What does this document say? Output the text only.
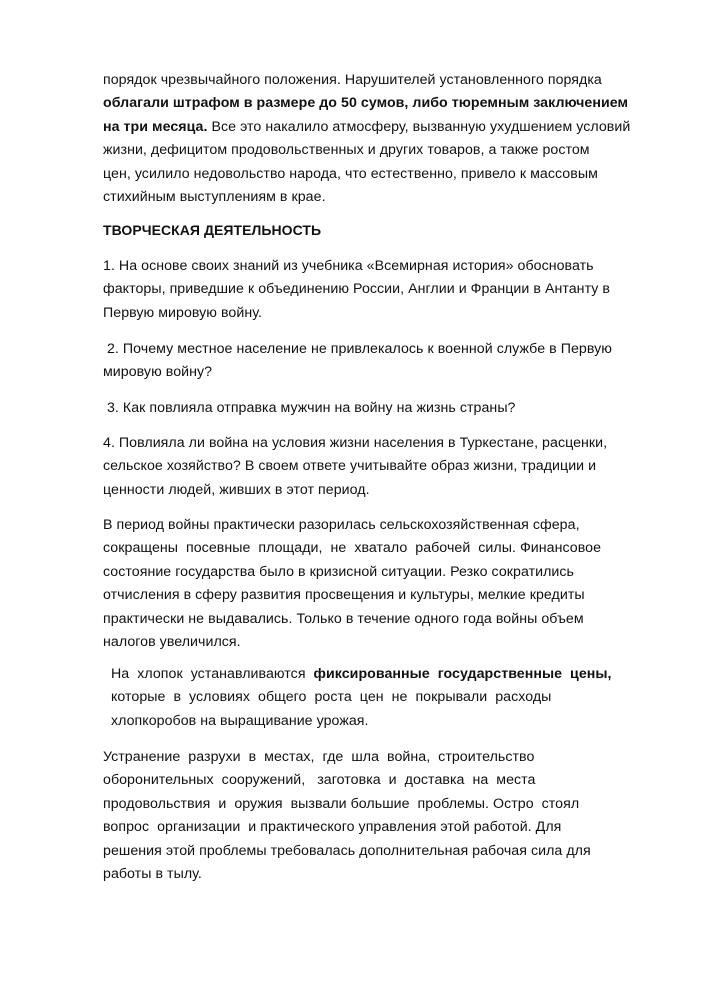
порядок чрезвычайного положения. Нарушителей установленного порядка
облагали штрафом в размере до 50 сумов, либо тюремным заключением
на три месяца. Все это накалило атмосферу, вызванную ухудшением условий
жизни, дефицитом продовольственных и других товаров, а также ростом
цен, усилило недовольство народа, что естественно, привело к массовым
стихийным выступлениям в крае.

ТВОРЧЕСКАЯ ДЕЯТЕЛЬНОСТЬ

1. На основе своих знаний из учебника «Всемирная история» обосновать
факторы, приведшие к объединению России, Англии и Франции в Антанту в
Первую мировую войну.

2. Почему местное население не привлекалось к военной службе в Первую
мировую войну?

3. Как повлияла отправка мужчин на войну на жизнь страны?

4. Повлияла ли война на условия жизни населения в Туркестане, расценки,
сельское хозяйство? В своем ответе учитывайте образ жизни, традиции и
ценности людей, живших в этот период.

В период войны практически разорилась сельскохозяйственная сфера,
сокращены  посевные  площади,  не  хватало  рабочей  силы. Финансовое
состояние государства было в кризисной ситуации. Резко сократились
отчисления в сферу развития просвещения и культуры, мелкие кредиты
практически не выдавались. Только в течение одного года войны объем
налогов увеличился.

На  хлопок  устанавливаются  фиксированные  государственные  цены,
которые  в  условиях  общего  роста  цен  не  покрывали  расходы
хлопкоробов на выращивание урожая.

Устранение  разрухи  в  местах,  где  шла  война,  строительство
оборонительных  сооружений,   заготовка  и  доставка  на  места
продовольствия  и  оружия  вызвали большие  проблемы. Остро  стоял
вопрос  организации  и практического управления этой работой. Для
решения этой проблемы требовалась дополнительная рабочая сила для
работы в тылу.
